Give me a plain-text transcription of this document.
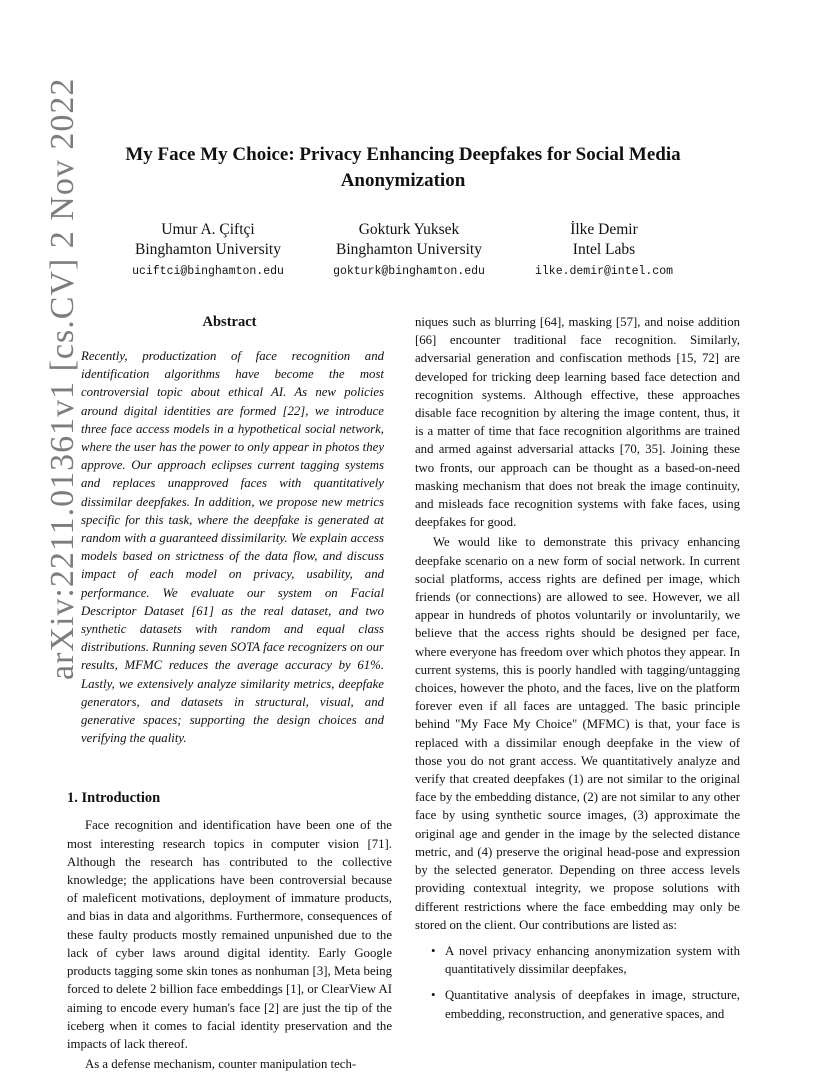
arXiv:2211.01361v1 [cs.CV] 2 Nov 2022	My Face My Choice: Privacy Enhancing Deepfakes for Social Media Anonymization
Umur A. Çiftçi
Binghamton University
uciftci@binghamton.edu
Gokturk Yuksek
Binghamton University
gokturk@binghamton.edu
İlke Demir
Intel Labs
ilke.demir@intel.com
Abstract
Recently, productization of face recognition and identification algorithms have become the most controversial topic about ethical AI. As new policies around digital identities are formed [22], we introduce three face access models in a hypothetical social network, where the user has the power to only appear in photos they approve. Our approach eclipses current tagging systems and replaces unapproved faces with quantitatively dissimilar deepfakes. In addition, we propose new metrics specific for this task, where the deepfake is generated at random with a guaranteed dissimilarity. We explain access models based on strictness of the data flow, and discuss impact of each model on privacy, usability, and performance. We evaluate our system on Facial Descriptor Dataset [61] as the real dataset, and two synthetic datasets with random and equal class distributions. Running seven SOTA face recognizers on our results, MFMC reduces the average accuracy by 61%. Lastly, we extensively analyze similarity metrics, deepfake generators, and datasets in structural, visual, and generative spaces; supporting the design choices and verifying the quality.
1. Introduction

Face recognition and identification have been one of the most interesting research topics in computer vision [71]. Although the research has contributed to the collective knowledge; the applications have been controversial because of maleficent motivations, deployment of immature products, and bias in data and algorithms. Furthermore, consequences of these faulty products mostly remained unpunished due to the lack of cyber laws around digital identity. Early Google products tagging some skin tones as nonhuman [3], Meta being forced to delete 2 billion face embeddings [1], or ClearView AI aiming to encode every human's face [2] are just the tip of the iceberg when it comes to facial identity preservation and the impacts of lack thereof.

As a defense mechanism, counter manipulation tech-

niques such as blurring [64], masking [57], and noise addition [66] encounter traditional face recognition. Similarly, adversarial generation and confiscation methods [15, 72] are developed for tricking deep learning based face detection and recognition systems. Although effective, these approaches disable face recognition by altering the image content, thus, it is a matter of time that face recognition algorithms are trained and armed against adversarial attacks [70, 35]. Joining these two fronts, our approach can be thought as a based-on-need masking mechanism that does not break the image continuity, and misleads face recognition systems with fake faces, using deepfakes for good.

We would like to demonstrate this privacy enhancing deepfake scenario on a new form of social network. In current social platforms, access rights are defined per image, which friends (or connections) are allowed to see. However, we all appear in hundreds of photos voluntarily or involuntarily, we believe that the access rights should be designed per face, where everyone has freedom over which photos they appear. In current systems, this is poorly handled with tagging/untagging choices, however the photo, and the faces, live on the platform forever even if all faces are untagged. The basic principle behind "My Face My Choice" (MFMC) is that, your face is replaced with a dissimilar enough deepfake in the view of those you do not grant access. We quantitatively analyze and verify that created deepfakes (1) are not similar to the original face by the embedding distance, (2) are not similar to any other face by using synthetic source images, (3) approximate the original age and gender in the image by the selected distance metric, and (4) preserve the original head-pose and expression by the selected generator. Depending on three access levels providing contextual integrity, we propose solutions with different restrictions where the face embedding may only be stored on the client. Our contributions are listed as:

• A novel privacy enhancing anonymization system with quantitatively dissimilar deepfakes,
• Quantitative analysis of deepfakes in image, structure, embedding, reconstruction, and generative spaces, and
